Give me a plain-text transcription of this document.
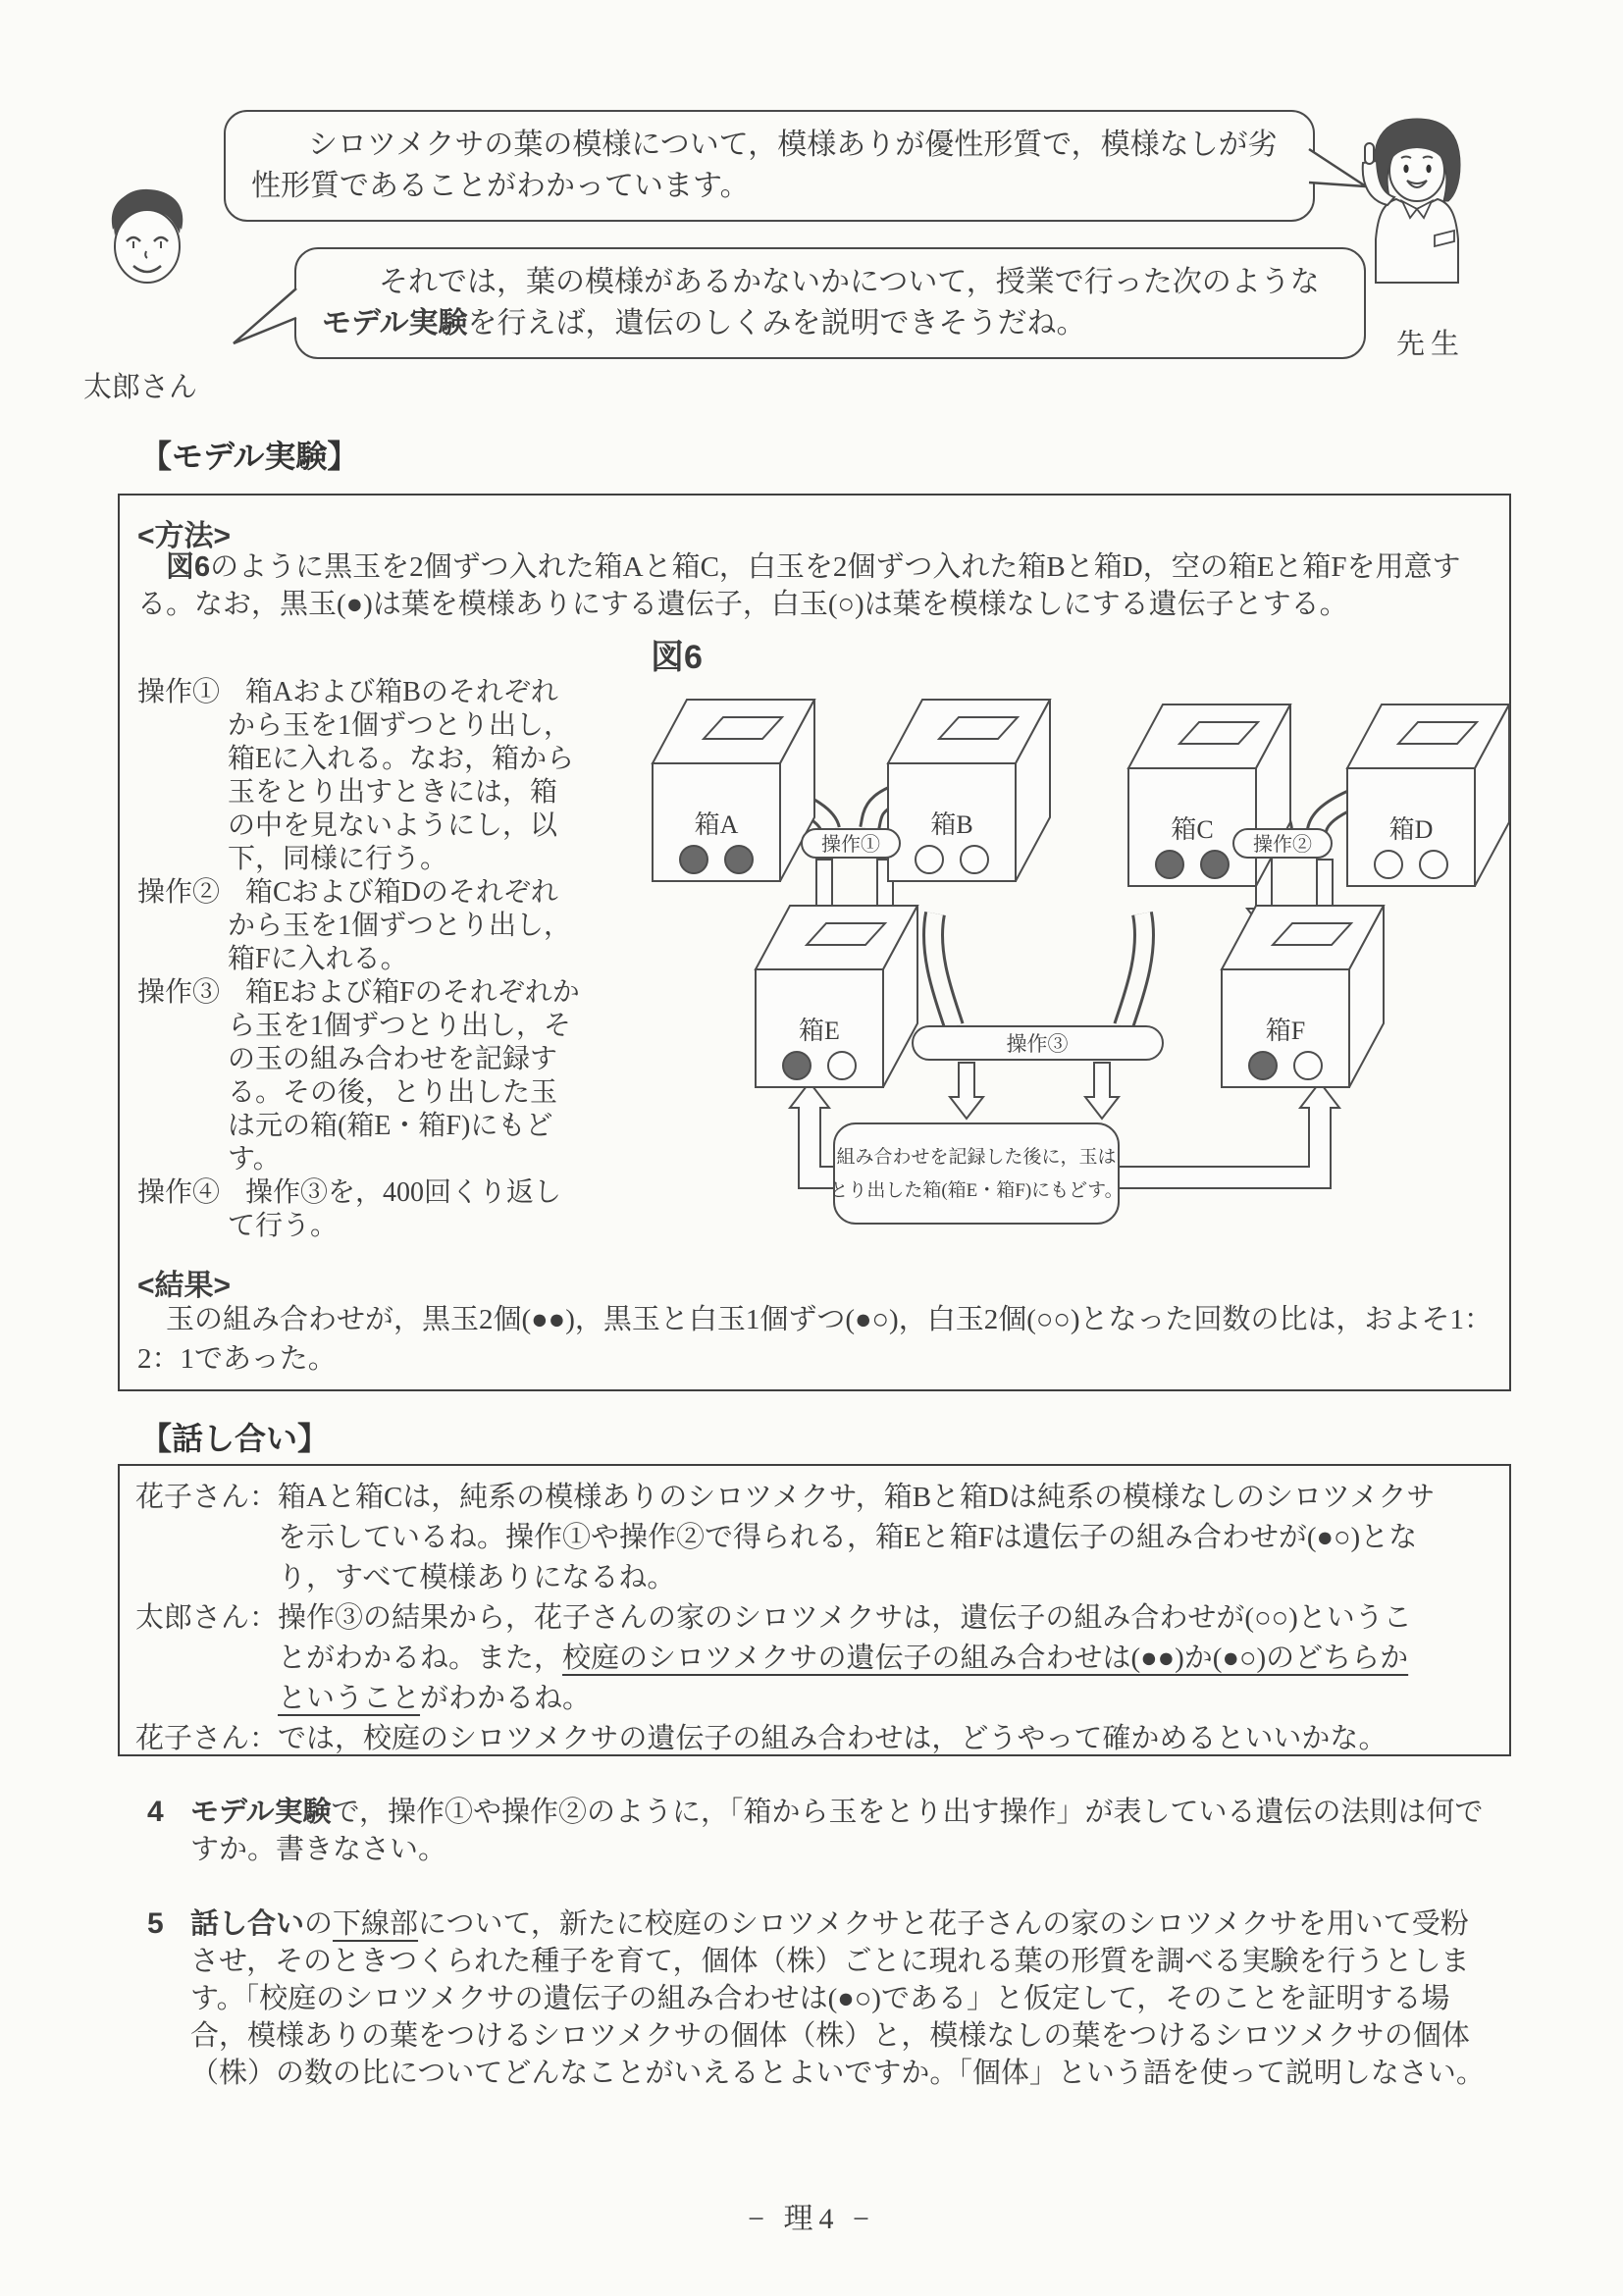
シロツメクサの葉の模様について，模様ありが優性形質で，模様なしが劣性形質であることがわかっています。
それでは，葉の模様があるかないかについて，授業で行った次のようなモデル実験を行えば，遺伝のしくみを説明できそうだね。
太郎さん
先生
【モデル実験】
<方法>
図6のように黒玉を2個ずつ入れた箱Aと箱C，白玉を2個ずつ入れた箱Bと箱D，空の箱Eと箱Fを用意する。なお，黒玉(●)は葉を模様ありにする遺伝子，白玉(○)は葉を模様なしにする遺伝子とする。

操作① 箱Aおよび箱Bのそれぞれから玉を1個ずつとり出し，箱Eに入れる。なお，箱から玉をとり出すときには，箱の中を見ないようにし，以下，同様に行う。

操作② 箱Cおよび箱Dのそれぞれから玉を1個ずつとり出し，箱Fに入れる。

操作③ 箱Eおよび箱Fのそれぞれから玉を1個ずつとり出し，その玉の組み合わせを記録する。その後，とり出した玉は元の箱(箱E・箱F)にもどす。

操作④ 操作③を，400回くり返して行う。

図6
箱A	箱B	箱C	箱D
箱E	箱F
操作①	操作②
操作③
組み合わせを記録した後に，玉は
とり出した箱(箱E・箱F)にもどす。
<結果>
玉の組み合わせが，黒玉2個(●●)，黒玉と白玉1個ずつ(●○)，白玉2個(○○)となった回数の比は，およそ1：2：1であった。
【話し合い】
花子さん： 箱Aと箱Cは，純系の模様ありのシロツメクサ，箱Bと箱Dは純系の模様なしのシロツメクサを示しているね。操作①や操作②で得られる，箱Eと箱Fは遺伝子の組み合わせが(●○)となり，すべて模様ありになるね。
太郎さん： 操作③の結果から，花子さんの家のシロツメクサは，遺伝子の組み合わせが(○○)ということがわかるね。また，校庭のシロツメクサの遺伝子の組み合わせは(●●)か(●○)のどちらかということがわかるね。
花子さん： では，校庭のシロツメクサの遺伝子の組み合わせは，どうやって確かめるといいかな。
4 モデル実験で，操作①や操作②のように，「箱から玉をとり出す操作」が表している遺伝の法則は何ですか。書きなさい。
5 話し合いの下線部について，新たに校庭のシロツメクサと花子さんの家のシロツメクサを用いて受粉させ，そのときつくられた種子を育て，個体（株）ごとに現れる葉の形質を調べる実験を行うとします。「校庭のシロツメクサの遺伝子の組み合わせは(●○)である」と仮定して，そのことを証明する場合，模様ありの葉をつけるシロツメクサの個体（株）と，模様なしの葉をつけるシロツメクサの個体（株）の数の比についてどんなことがいえるとよいですか。「個体」という語を使って説明しなさい。
− 理4 −
